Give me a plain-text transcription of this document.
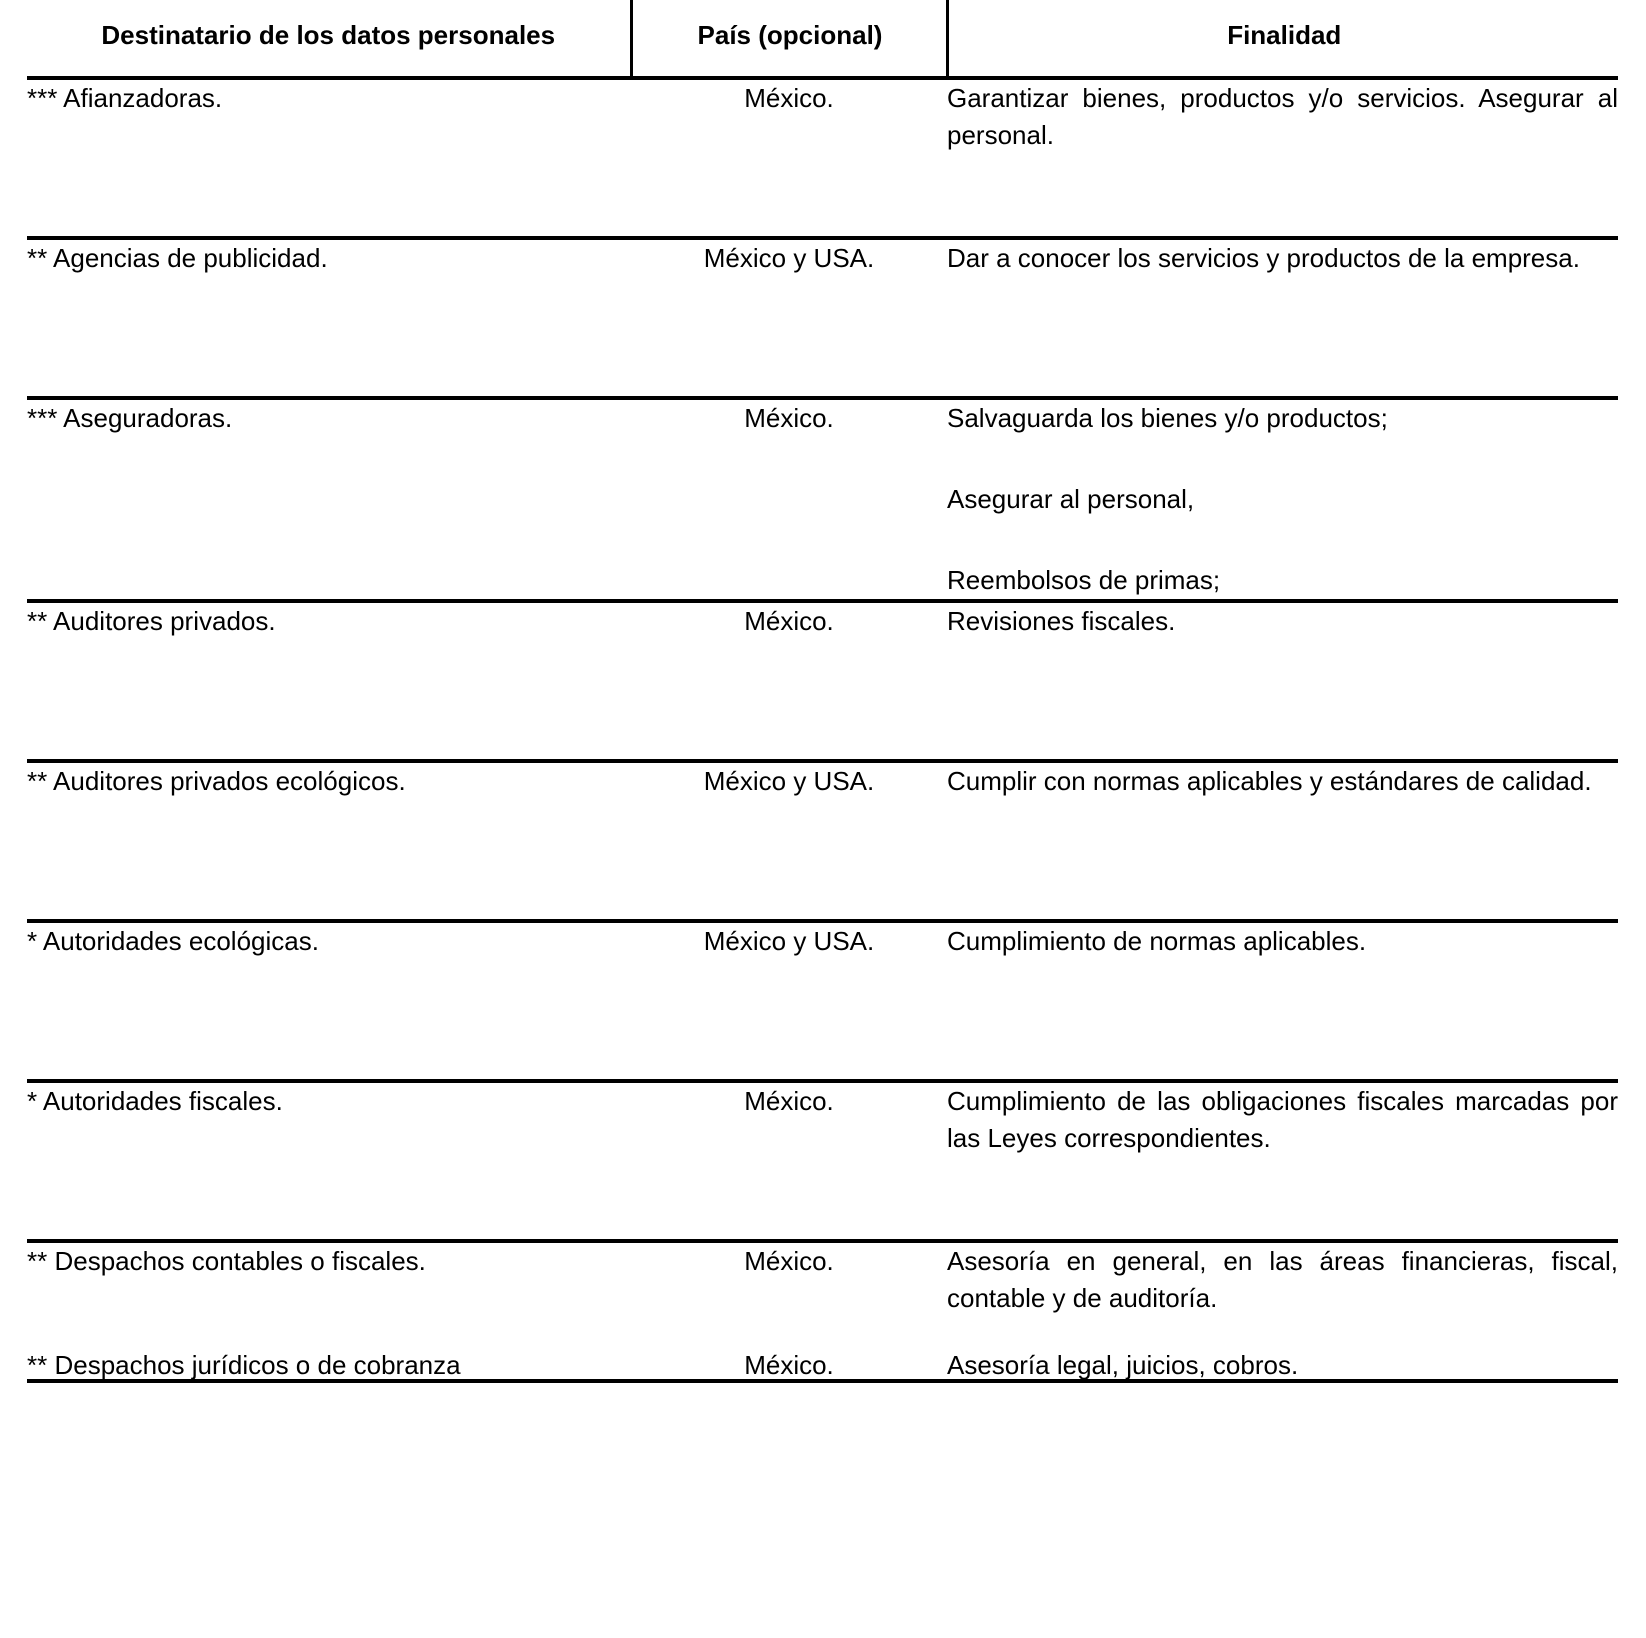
Destinatario de los datos personales	País (opcional)	Finalidad
*** Afianzadoras.	México.	Garantizar bienes, productos y/o servicios. Asegurar al personal.
** Agencias de publicidad.	México y USA.	Dar a conocer los servicios y productos de la empresa.
*** Aseguradoras.	México.	Salvaguarda los bienes y/o productos;

Asegurar al personal,

Reembolsos de primas;

** Auditores privados.	México.	Revisiones fiscales.
** Auditores privados ecológicos.	México y USA.	Cumplir con normas aplicables y estándares de calidad.
* Autoridades ecológicas.	México y USA.	Cumplimiento de normas aplicables.
* Autoridades fiscales.	México.	Cumplimiento de las obligaciones fiscales marcadas por las Leyes correspondientes.
** Despachos contables o fiscales.	México.	Asesoría en general, en las áreas financieras, fiscal, contable y de auditoría.

** Despachos jurídicos o de cobranza	México.	Asesoría legal, juicios, cobros.
